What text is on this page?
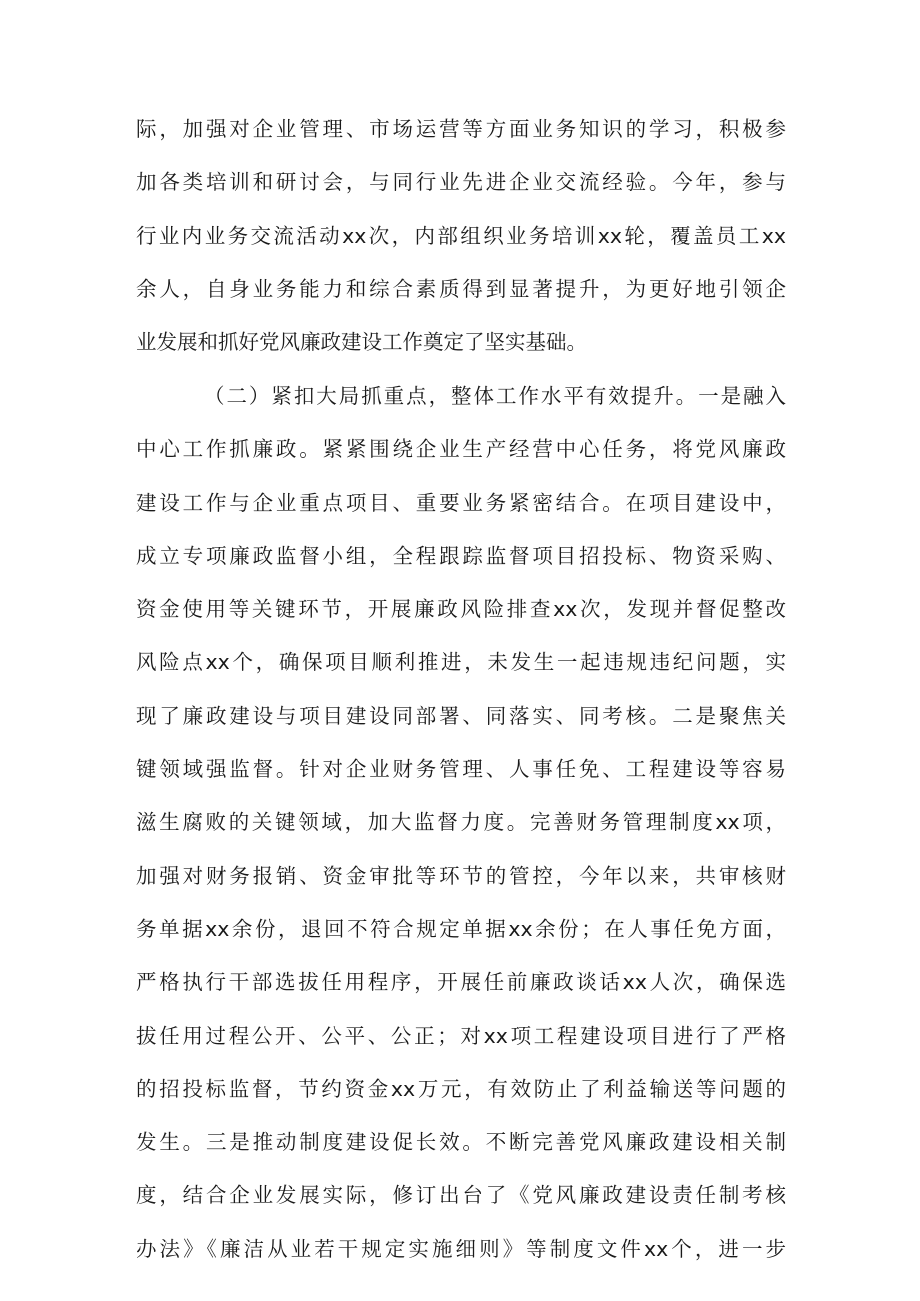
际，加强对企业管理、市场运营等方面业务知识的学习，积极参
加各类培训和研讨会，与同行业先进企业交流经验。今年，参与
行业内业务交流活动xx次，内部组织业务培训xx轮，覆盖员工xx
余人，自身业务能力和综合素质得到显著提升，为更好地引领企
业发展和抓好党风廉政建设工作奠定了坚实基础。
（二）紧扣大局抓重点，整体工作水平有效提升。一是融入
中心工作抓廉政。紧紧围绕企业生产经营中心任务，将党风廉政
建设工作与企业重点项目、重要业务紧密结合。在项目建设中，
成立专项廉政监督小组，全程跟踪监督项目招投标、物资采购、
资金使用等关键环节，开展廉政风险排查xx次，发现并督促整改
风险点xx个，确保项目顺利推进，未发生一起违规违纪问题，实
现了廉政建设与项目建设同部署、同落实、同考核。二是聚焦关
键领域强监督。针对企业财务管理、人事任免、工程建设等容易
滋生腐败的关键领域，加大监督力度。完善财务管理制度xx项，
加强对财务报销、资金审批等环节的管控，今年以来，共审核财
务单据xx余份，退回不符合规定单据xx余份；在人事任免方面，
严格执行干部选拔任用程序，开展任前廉政谈话xx人次，确保选
拔任用过程公开、公平、公正；对xx项工程建设项目进行了严格
的招投标监督，节约资金xx万元，有效防止了利益输送等问题的
发生。三是推动制度建设促长效。不断完善党风廉政建设相关制
度，结合企业发展实际，修订出台了《党风廉政建设责任制考核
办法》《廉洁从业若干规定实施细则》等制度文件xx个，进一步
